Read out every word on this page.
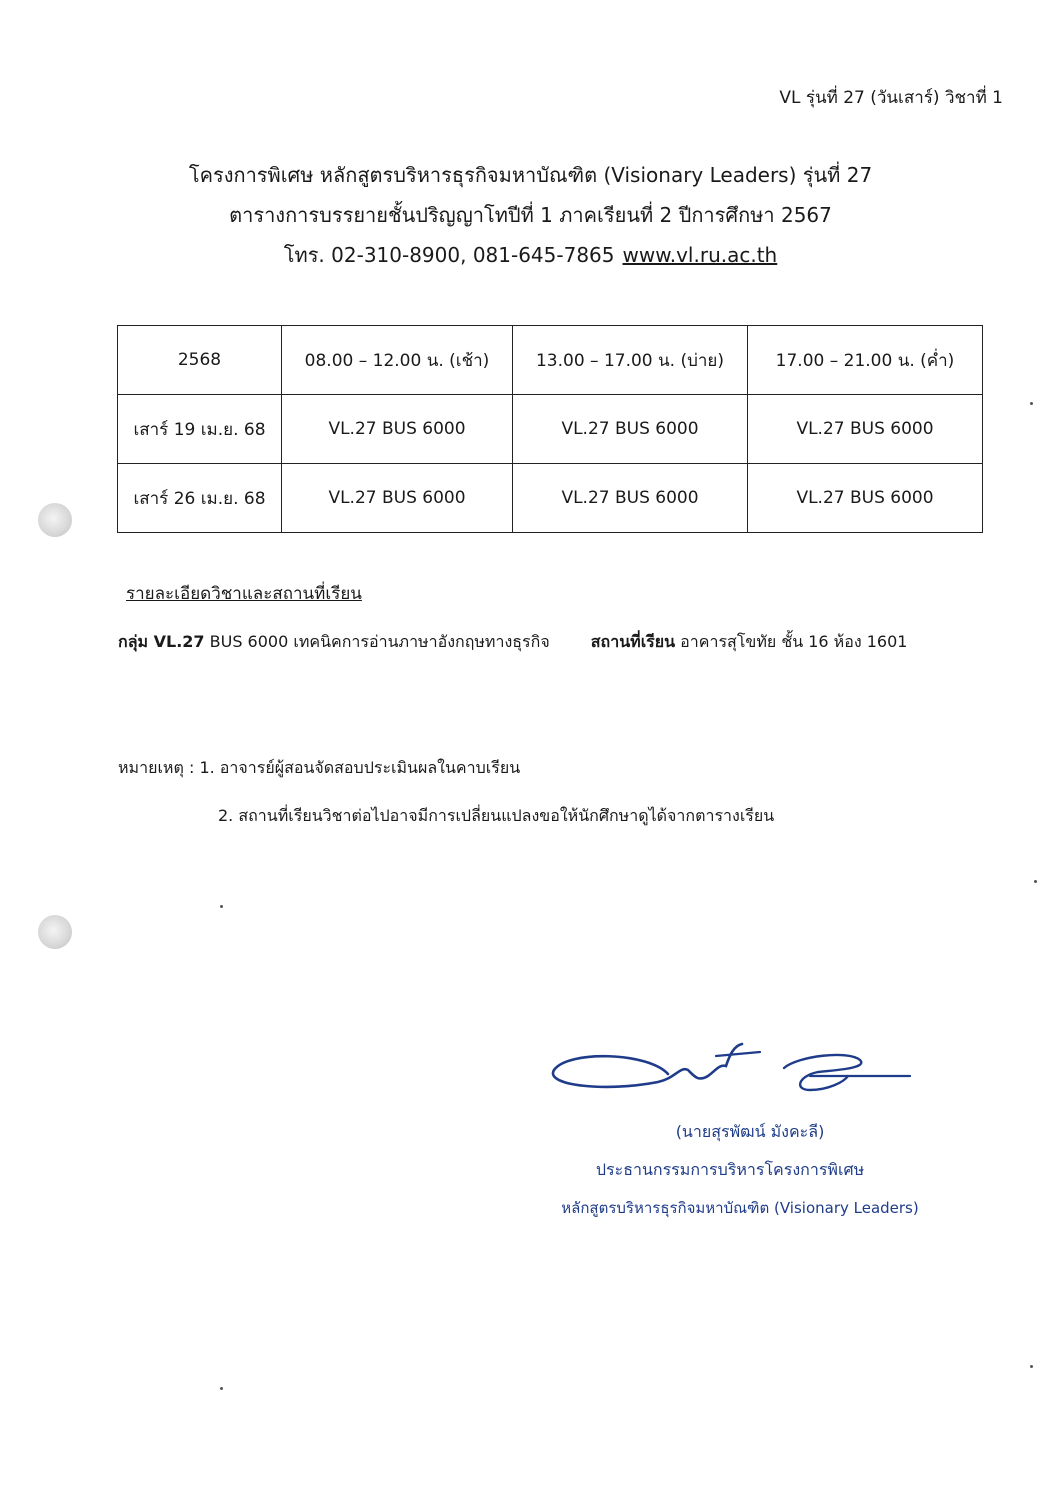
VL รุ่นที่ 27 (วันเสาร์) วิชาที่ 1
โครงการพิเศษ หลักสูตรบริหารธุรกิจมหาบัณฑิต (Visionary Leaders) รุ่นที่ 27
ตารางการบรรยายชั้นปริญญาโทปีที่ 1 ภาคเรียนที่ 2 ปีการศึกษา 2567
โทร. 02-310-8900, 081-645-7865 www.vl.ru.ac.th
2568	08.00 – 12.00 น. (เช้า)	13.00 – 17.00 น. (บ่าย)	17.00 – 21.00 น. (ค่ำ)
เสาร์ 19 เม.ย. 68	VL.27 BUS 6000	VL.27 BUS 6000	VL.27 BUS 6000
เสาร์ 26 เม.ย. 68	VL.27 BUS 6000	VL.27 BUS 6000	VL.27 BUS 6000
รายละเอียดวิชาและสถานที่เรียน
กลุ่ม VL.27 BUS 6000 เทคนิคการอ่านภาษาอังกฤษทางธุรกิจ	สถานที่เรียน อาคารสุโขทัย ชั้น 16 ห้อง 1601
หมายเหตุ : 1. อาจารย์ผู้สอนจัดสอบประเมินผลในคาบเรียน
2. สถานที่เรียนวิชาต่อไปอาจมีการเปลี่ยนแปลงขอให้นักศึกษาดูได้จากตารางเรียน
(นายสุรพัฒน์ มังคะลี)
ประธานกรรมการบริหารโครงการพิเศษ
หลักสูตรบริหารธุรกิจมหาบัณฑิต (Visionary Leaders)
